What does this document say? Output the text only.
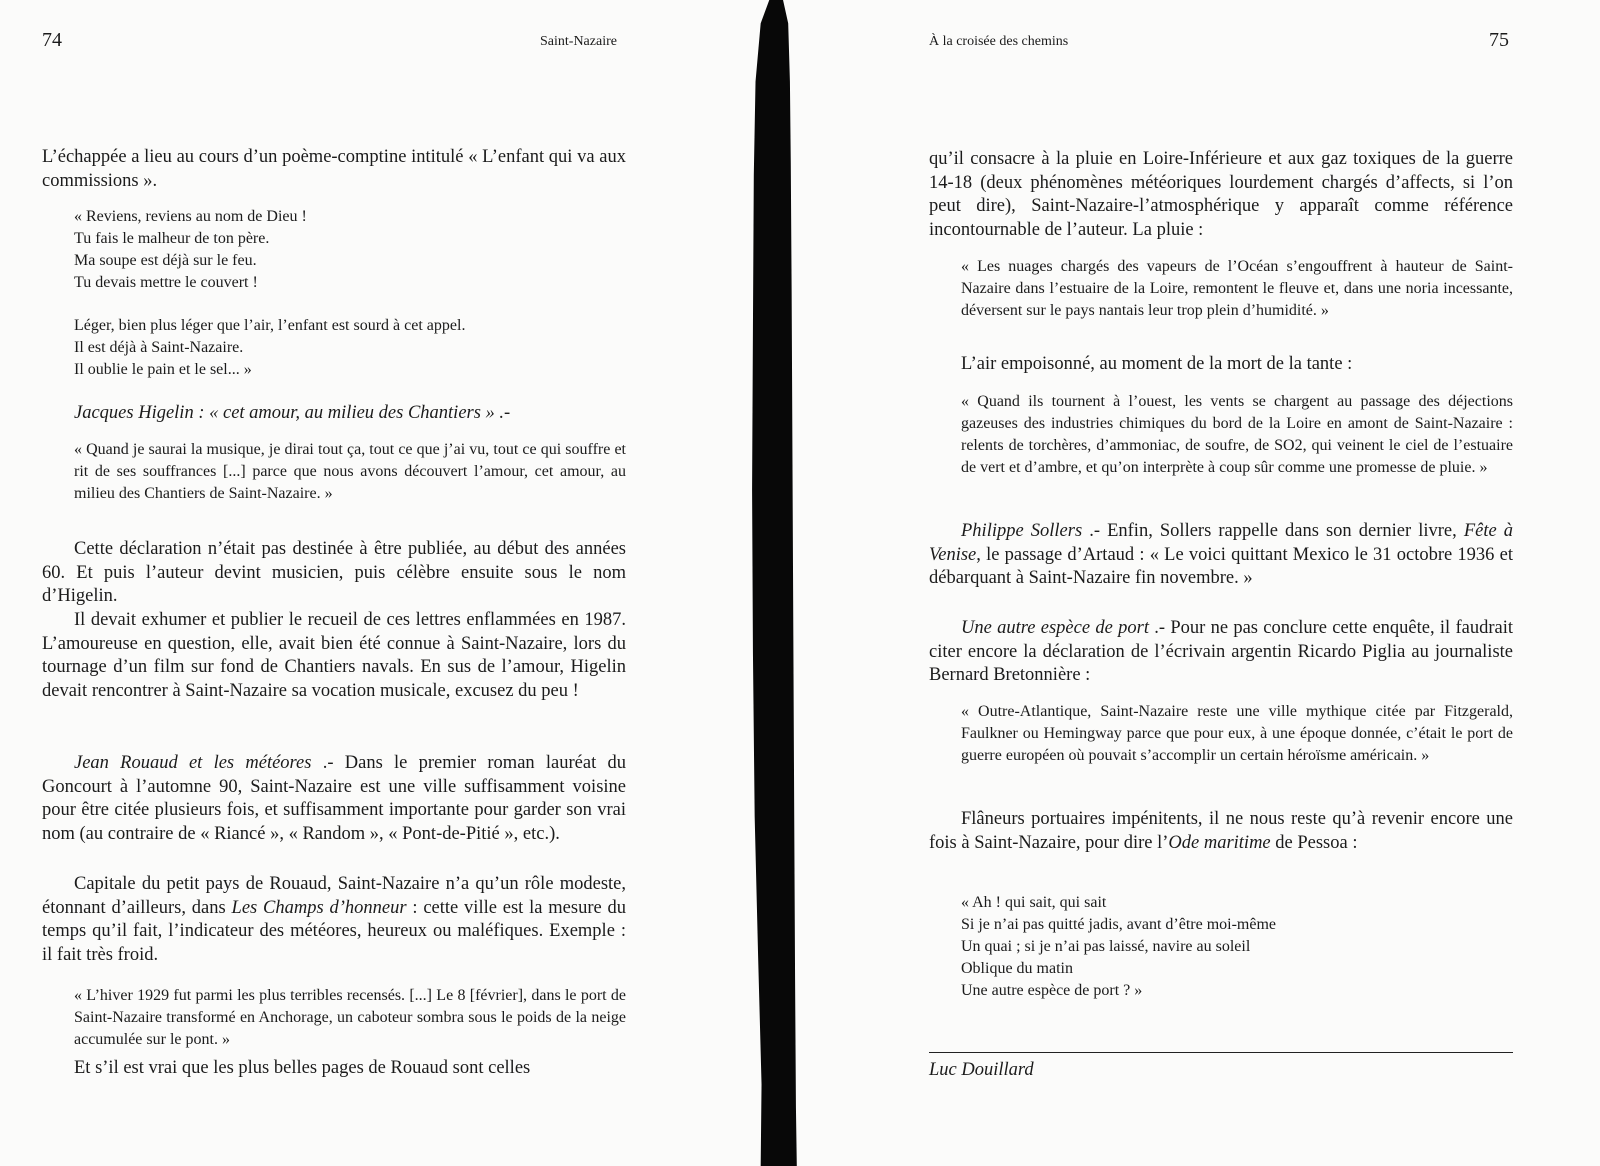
74	Saint-Nazaire

L’échappée a lieu au cours d’un poème-comptine intitulé « L’enfant qui va aux commissions ».

« Reviens, reviens au nom de Dieu !
Tu fais le malheur de ton père.
Ma soupe est déjà sur le feu.
Tu devais mettre le couvert !
Léger, bien plus léger que l’air, l’enfant est sourd à cet appel.
Il est déjà à Saint-Nazaire.
Il oublie le pain et le sel... »

Jacques Higelin : « cet amour, au milieu des Chantiers » .-

« Quand je saurai la musique, je dirai tout ça, tout ce que j’ai vu, tout ce qui souffre et rit de ses souffrances [...] parce que nous avons découvert l’amour, cet amour, au milieu des Chantiers de Saint-Nazaire. »

Cette déclaration n’était pas destinée à être publiée, au début des années 60. Et puis l’auteur devint musicien, puis célèbre ensuite sous le nom d’Higelin.

Il devait exhumer et publier le recueil de ces lettres enflammées en 1987. L’amoureuse en question, elle, avait bien été connue à Saint-Nazaire, lors du tournage d’un film sur fond de Chantiers navals. En sus de l’amour, Higelin devait rencontrer à Saint-Nazaire sa vocation musicale, excusez du peu !

Jean Rouaud et les météores .- Dans le premier roman lauréat du Goncourt à l’automne 90, Saint-Nazaire est une ville suffisamment voisine pour être citée plusieurs fois, et suffisamment importante pour garder son vrai nom (au contraire de « Riancé », « Random », « Pont-de-Pitié », etc.).

Capitale du petit pays de Rouaud, Saint-Nazaire n’a qu’un rôle modeste, étonnant d’ailleurs, dans Les Champs d’honneur : cette ville est la mesure du temps qu’il fait, l’indicateur des météores, heureux ou maléfiques. Exemple : il fait très froid.

« L’hiver 1929 fut parmi les plus terribles recensés. [...] Le 8 [février], dans le port de Saint-Nazaire transformé en Anchorage, un caboteur sombra sous le poids de la neige accumulée sur le pont. »

Et s’il est vrai que les plus belles pages de Rouaud sont celles

À la croisée des chemins	75

qu’il consacre à la pluie en Loire-Inférieure et aux gaz toxiques de la guerre 14-18 (deux phénomènes météoriques lourdement chargés d’affects, si l’on peut dire), Saint-Nazaire-l’atmosphérique y apparaît comme référence incontournable de l’auteur. La pluie :

« Les nuages chargés des vapeurs de l’Océan s’engouffrent à hauteur de Saint-Nazaire dans l’estuaire de la Loire, remontent le fleuve et, dans une noria incessante, déversent sur le pays nantais leur trop plein d’humidité. »

L’air empoisonné, au moment de la mort de la tante :

« Quand ils tournent à l’ouest, les vents se chargent au passage des déjections gazeuses des industries chimiques du bord de la Loire en amont de Saint-Nazaire : relents de torchères, d’ammoniac, de soufre, de SO2, qui veinent le ciel de l’estuaire de vert et d’ambre, et qu’on interprète à coup sûr comme une promesse de pluie. »

Philippe Sollers .- Enfin, Sollers rappelle dans son dernier livre, Fête à Venise, le passage d’Artaud : « Le voici quittant Mexico le 31 octobre 1936 et débarquant à Saint-Nazaire fin novembre. »

Une autre espèce de port .- Pour ne pas conclure cette enquête, il faudrait citer encore la déclaration de l’écrivain argentin Ricardo Piglia au journaliste Bernard Bretonnière :

« Outre-Atlantique, Saint-Nazaire reste une ville mythique citée par Fitzgerald, Faulkner ou Hemingway parce que pour eux, à une époque donnée, c’était le port de guerre européen où pouvait s’accomplir un certain héroïsme américain. »

Flâneurs portuaires impénitents, il ne nous reste qu’à revenir encore une fois à Saint-Nazaire, pour dire l’Ode maritime de Pessoa :

« Ah ! qui sait, qui sait
Si je n’ai pas quitté jadis, avant d’être moi-même
Un quai ; si je n’ai pas laissé, navire au soleil
Oblique du matin
Une autre espèce de port ? »
Luc Douillard
